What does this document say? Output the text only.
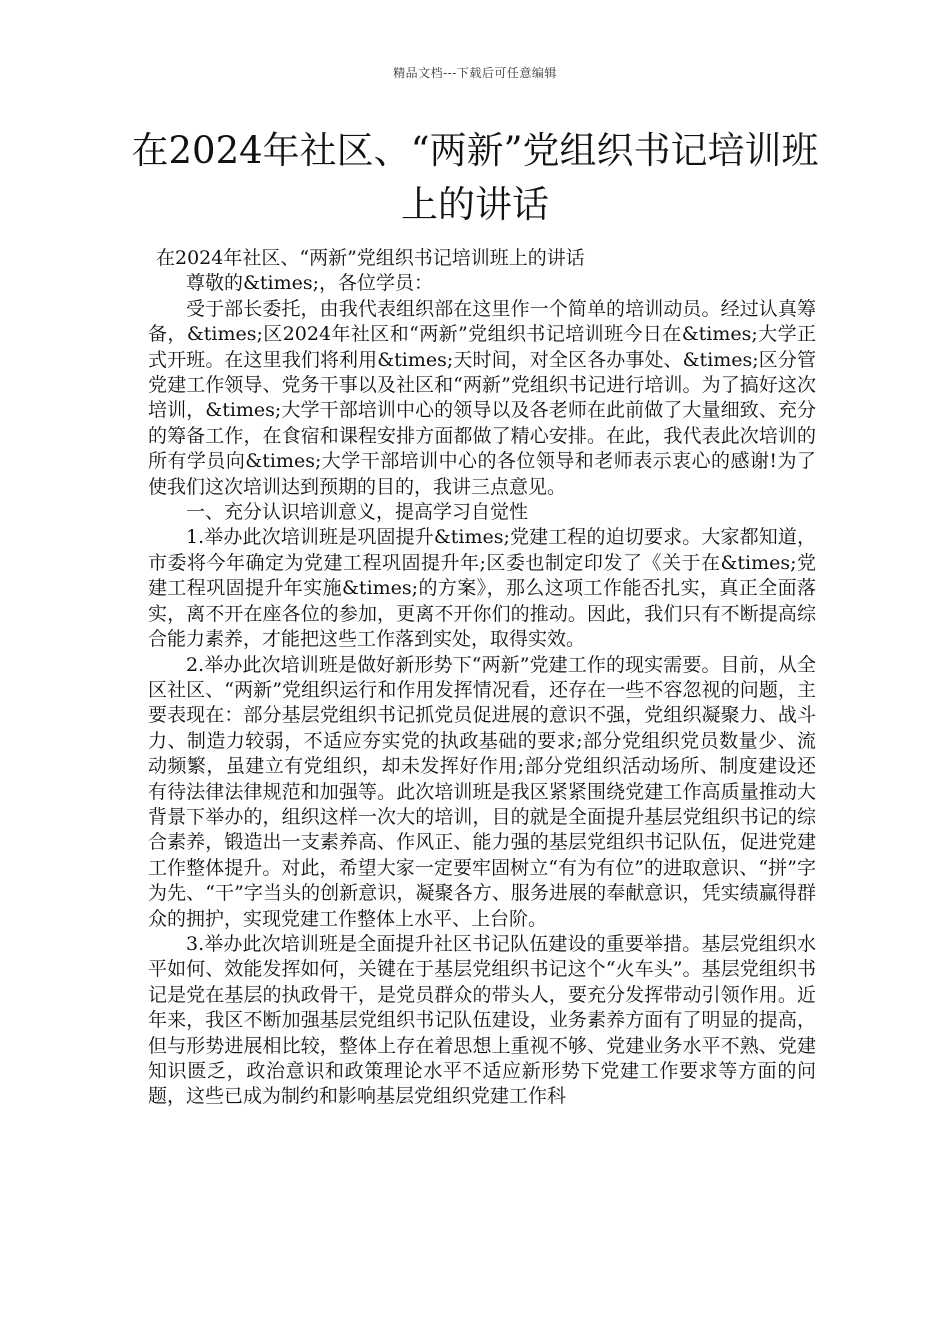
精品文档---下载后可任意编辑
在2024年社区、“两新”党组织书记培训班上的讲话

在2024年社区、“两新”党组织书记培训班上的讲话

尊敬的&times;，各位学员：

受于部长委托，由我代表组织部在这里作一个简单的培训动员。经过认真筹备，&times;区2024年社区和“两新”党组织书记培训班今日在&times;大学正式开班。在这里我们将利用&times;天时间，对全区各办事处、&times;区分管党建工作领导、党务干事以及社区和“两新”党组织书记进行培训。为了搞好这次培训，&times;大学干部培训中心的领导以及各老师在此前做了大量细致、充分的筹备工作，在食宿和课程安排方面都做了精心安排。在此，我代表此次培训的所有学员向&times;大学干部培训中心的各位领导和老师表示衷心的感谢!为了使我们这次培训达到预期的目的，我讲三点意见。

一、充分认识培训意义，提高学习自觉性

1.举办此次培训班是巩固提升&times;党建工程的迫切要求。大家都知道，市委将今年确定为党建工程巩固提升年;区委也制定印发了《关于在&times;党建工程巩固提升年实施&times;的方案》，那么这项工作能否扎实，真正全面落实，离不开在座各位的参加，更离不开你们的推动。因此，我们只有不断提高综合能力素养，才能把这些工作落到实处，取得实效。

2.举办此次培训班是做好新形势下“两新”党建工作的现实需要。目前，从全区社区、“两新”党组织运行和作用发挥情况看，还存在一些不容忽视的问题，主要表现在：部分基层党组织书记抓党员促进展的意识不强，党组织凝聚力、战斗力、制造力较弱，不适应夯实党的执政基础的要求;部分党组织党员数量少、流动频繁，虽建立有党组织，却未发挥好作用;部分党组织活动场所、制度建设还有待法律法律规范和加强等。此次培训班是我区紧紧围绕党建工作高质量推动大背景下举办的，组织这样一次大的培训，目的就是全面提升基层党组织书记的综合素养，锻造出一支素养高、作风正、能力强的基层党组织书记队伍，促进党建工作整体提升。对此，希望大家一定要牢固树立“有为有位”的进取意识、“拼”字为先、“干”字当头的创新意识，凝聚各方、服务进展的奉献意识，凭实绩赢得群众的拥护，实现党建工作整体上水平、上台阶。

3.举办此次培训班是全面提升社区书记队伍建设的重要举措。基层党组织水平如何、效能发挥如何，关键在于基层党组织书记这个“火车头”。基层党组织书记是党在基层的执政骨干，是党员群众的带头人，要充分发挥带动引领作用。近年来，我区不断加强基层党组织书记队伍建设，业务素养方面有了明显的提高，但与形势进展相比较，整体上存在着思想上重视不够、党建业务水平不熟、党建知识匮乏，政治意识和政策理论水平不适应新形势下党建工作要求等方面的问题，这些已成为制约和影响基层党组织党建工作科
